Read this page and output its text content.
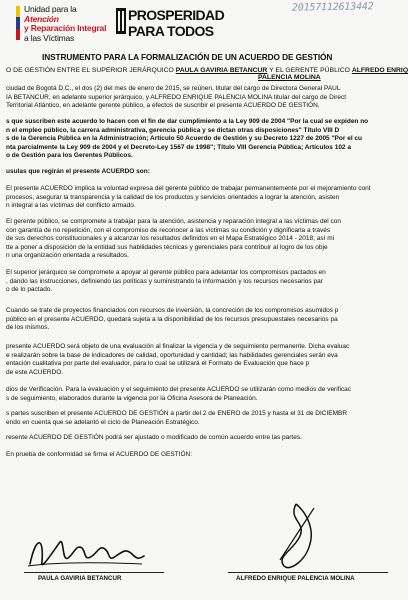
Unidad para la Atención
y Reparación Integral
a las Víctimas
PROSPERIDAD
PARA TODOS
20157112613442
INSTRUMENTO PARA LA FORMALIZACIÓN DE UN ACUERDO DE GESTIÓN
O DE GESTIÓN ENTRE EL SUPERIOR JERÁRQUICO PAULA GAVIRIA BETANCUR Y EL GERENTE PÚBLICO ALFREDO ENRIQ
PALENCIA MOLINA

ciudad de Bogotá D.C., el dos (2) del mes de enero de 2015, se reúnen, titular del cargo de Directora General PAUL

IA BETANCUR, en adelante superior jerárquico, y ALFREDO ENRIQUE PALENCIA MOLINA titular del cargo de Direct

Territorial Atlántico, en adelante gerente público, a efectos de suscribir el presente ACUERDO DE GESTIÓN.

s que suscriben este acuerdo lo hacen con el fin de dar cumplimiento a la Ley 909 de 2004 "Por la cual se expiden no

n el empleo público, la carrera administrativa, gerencia pública y se dictan otras disposiciones" Título VIII D

s de la Gerencia Pública en la Administración; Artículo 50 Acuerdo de Gestión y su Decreto 1227 de 2005 "Por el cu

nta parcialmente la Ley 909 de 2004 y el Decreto-Ley 1567 de 1998"; Título VIII Gerencia Pública; Artículos 102 a

o de Gestión para los Gerentes Públicos.

usulas que regirán el presente ACUERDO son:

El presente ACUERDO implica la voluntad expresa del gerente público de trabajar permanentemente por el mejoramiento cont

procesos, asegurar la transparencia y la calidad de los productos y servicios orientados a lograr la atención, asisten

n integral a las víctimas del conflicto armado.

El gerente público, se compromete a trabajar para la atención, asistencia y reparación integral a las víctimas del con

con garantía de no repetición, con el compromiso de reconocer a las víctimas su condición y dignificarla a través

de sus derechos constitucionales y a alcanzar los resultados definidos en el Mapa Estratégico 2014 - 2018; así mi

tte a poner a disposición de la entidad sus habilidades técnicas y gerenciales para contribuir al logro de los obje

n una organización orientada a resultados.

El superior jerárquico se compromete a apoyar al gerente público para adelantar los compromisos pactados en

, dando las instrucciones, definiendo las políticas y suministrando la información y los recursos necesarios par

o de lo pactado.

Cuando se trate de proyectos financiados con recursos de inversión, la concreción de los compromisos asumidos p

público en el presente ACUERDO, quedará sujeta a la disponibilidad de los recursos presupuestales necesarios pa

de los mismos.

presente ACUERDO será objeto de una evaluación al finalizar la vigencia y de seguimiento permanente. Dicha evaluac

e realizarán sobre la base de indicadores de calidad, oportunidad y cantidad; las habilidades gerenciales serán eva

entación cualitativa por parte del evaluador, para lo cual se utilizará el Formato de Evaluación que hace p

de este ACUERDO.

dios de Verificación. Para la evaluación y el seguimiento del presente ACUERDO se utilizarán como medios de verificac

s de seguimiento, elaborados durante la vigencia por la Oficina Asesora de Planeación.

s partes suscriben el presente ACUERDO DE GESTIÓN a partir del 2 de ENERO de 2015 y hasta el 31 de DICIEMBR

endo en cuenta que se adelantó el ciclo de Planeación Estratégico.

resente ACUERDO DE GESTIÓN podrá ser ajustado o modificado de común acuerdo entre las partes.

En prueba de conformidad se firma el ACUERDO DE GESTIÓN:

PAULA GAVIRIA BETANCUR	ALFREDO ENRIQUE PALENCIA MOLINA
